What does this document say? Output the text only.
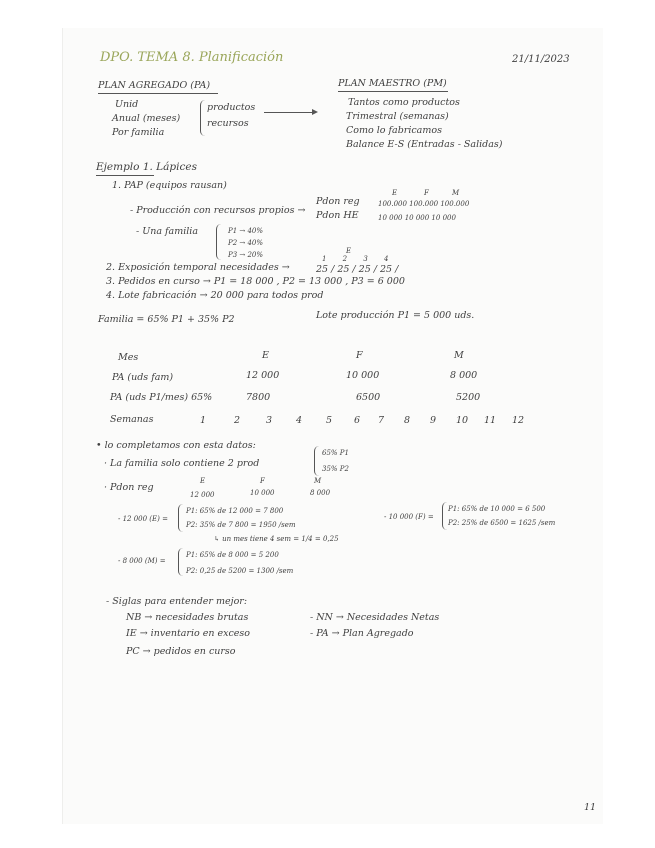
DPO. TEMA 8. Planificación	21/11/2023
PLAN AGREGADO (PA)
Unid
Anual (meses)
Por familia
productos
recursos
PLAN MAESTRO (PM)
Tantos como productos
Trimestral (semanas)
Como lo fabricamos
Balance E-S (Entradas - Salidas)
Ejemplo 1. Lápices
1. PAP (equipos rausan)
- Producción con recursos propios →
E	F	M
Pdon reg	100.000 100.000 100.000
Pdon HE	10 000 10 000 10 000
- Una familia	P1 → 40%
P2 → 40%
P3 → 20%	E
1 2 3 4
2. Exposición temporal necesidades →	25 / 25 / 25 / 25 /
3. Pedidos en curso → P1 = 18 000 , P2 = 13 000 , P3 = 6 000
4. Lote fabricación → 20 000 para todos prod
Familia = 65% P1 + 35% P2	Lote producción P1 = 5 000 uds.
Mes	E	F	M
PA (uds fam)	12 000	10 000	8 000
PA (uds P1/mes) 65%	7800	6500	5200
Semanas	1	2	3	4	5 6 7 8 9 10 11 12
• lo completamos con esta datos:
· La familia solo contiene 2 prod
65% P1
35% P2
· Pdon reg
E	F	M
12 000	10 000	8 000
- 12 000 (E) =
P1: 65% de 12 000 = 7 800
P2: 35% de 7 800 = 1950 /sem
↳ un mes tiene 4 sem = 1/4 = 0,25
- 10 000 (F) =
P1: 65% de 10 000 = 6 500
P2: 25% de 6500 = 1625 /sem
- 8 000 (M) =
P1: 65% de 8 000 = 5 200
P2: 0,25 de 5200 = 1300 /sem
- Siglas para entender mejor:
NB → necesidades brutas
IE → inventario en exceso
PC → pedidos en curso
- NN → Necesidades Netas
- PA → Plan Agregado
11
